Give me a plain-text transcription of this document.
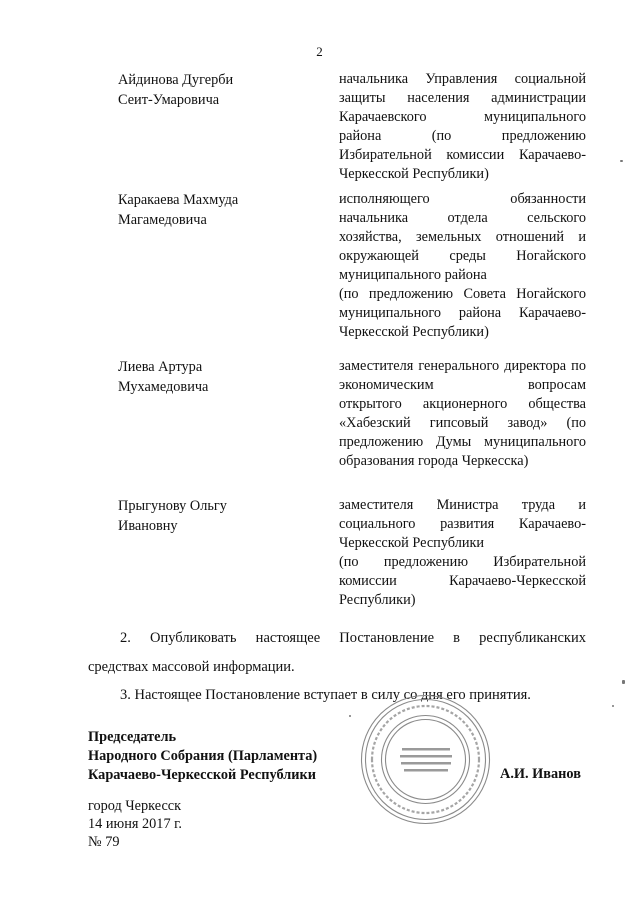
2
Айдинова Дугерби
Сеит-Умаровича
начальника Управления социальной
защиты населения администрации
Карачаевского муниципального
района (по предложению
Избирательной комиссии Карачаево-
Черкесской Республики)
Каракаева Махмуда
Магамедовича
исполняющего обязанности
начальника отдела сельского
хозяйства, земельных отношений и
окружающей среды Ногайского
муниципального района
(по предложению Совета Ногайского
муниципального района Карачаево-
Черкесской Республики)
Лиева Артура
Мухамедовича
заместителя генерального директора по
экономическим вопросам
открытого акционерного общества
«Хабезский гипсовый завод» (по
предложению Думы муниципального
образования города Черкесска)
Прыгунову Ольгу
Ивановну
заместителя Министра труда и
социального развития Карачаево-
Черкесской Республики
(по предложению Избирательной
комиссии Карачаево-Черкесской
Республики)
2. Опубликовать настоящее Постановление в республиканских
средствах массовой информации.
3. Настоящее Постановление вступает в силу со дня его принятия.
Председатель
Народного Собрания (Парламента)
Карачаево-Черкесской Республики	А.И. Иванов
город Черкесск
14 июня 2017 г.
№ 79
